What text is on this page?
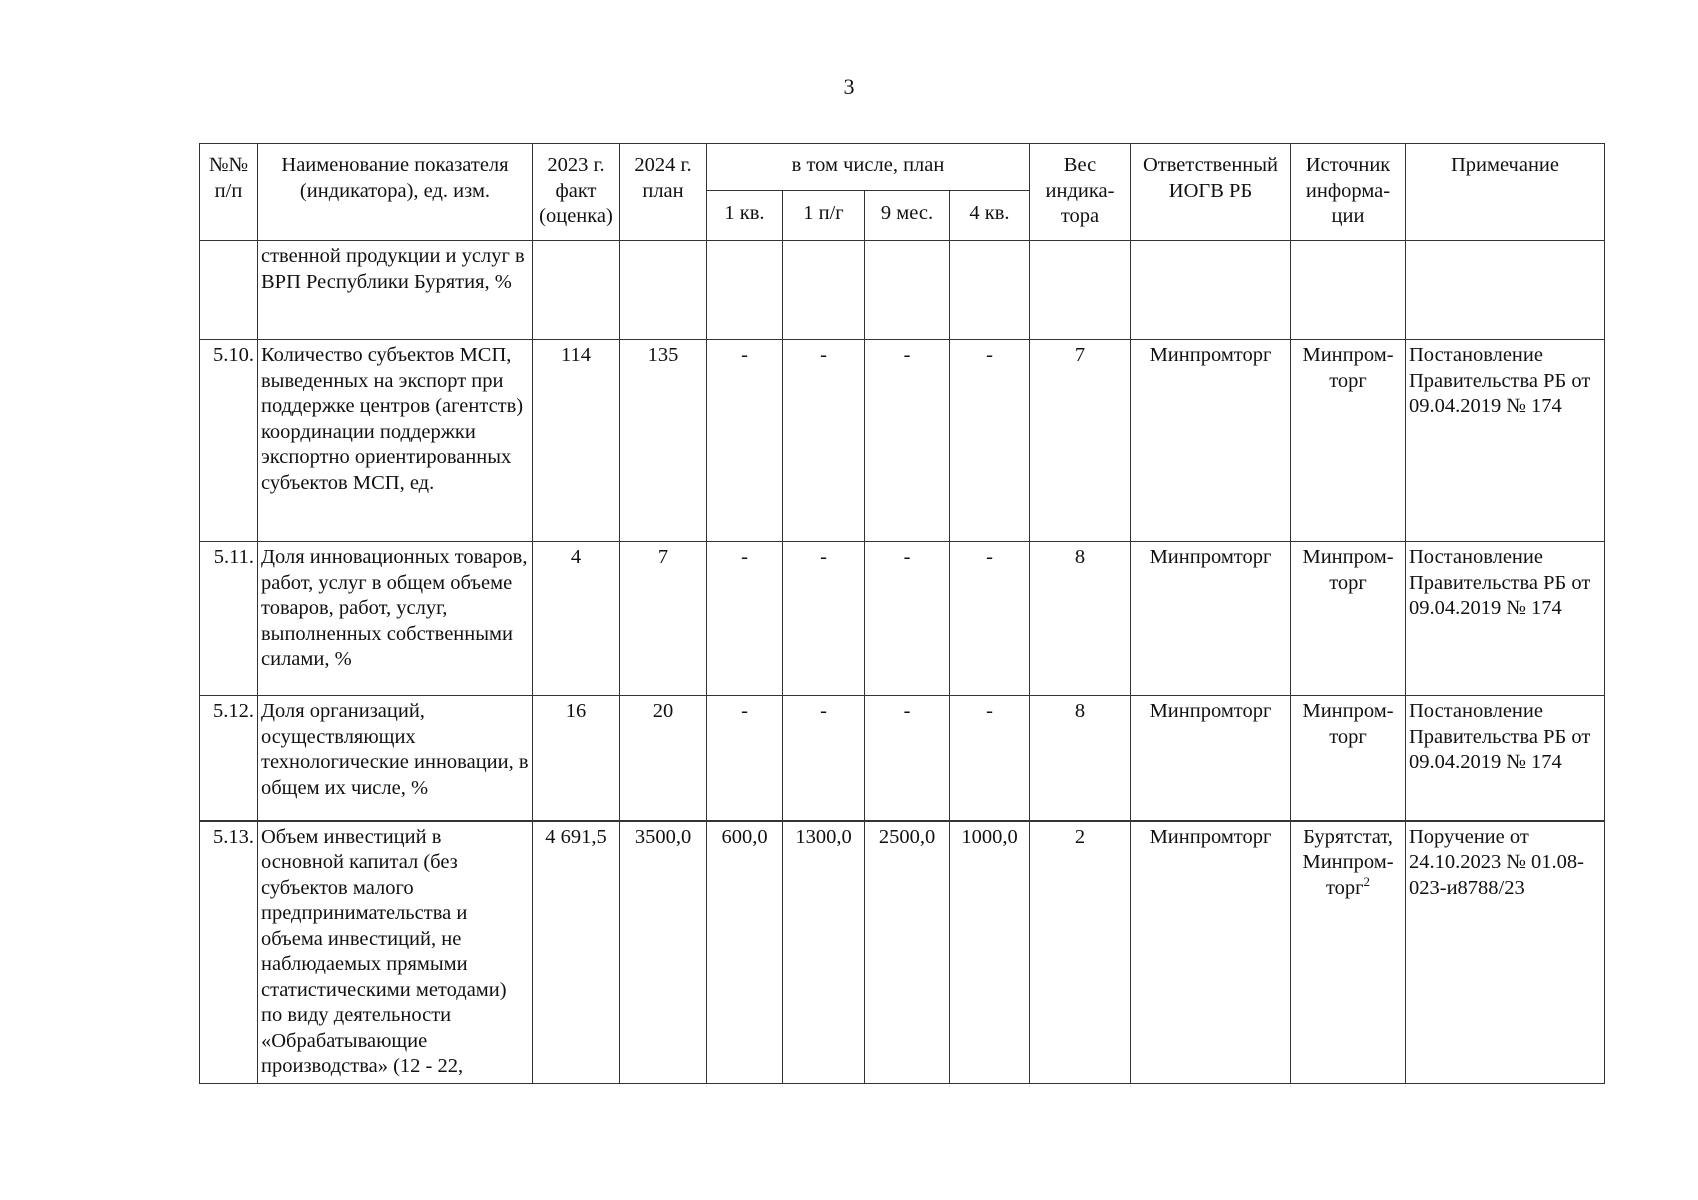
3
№№ п/п	Наименование показателя (индикатора), ед. изм.	2023 г. факт (оценка)	2024 г. план	в том числе, план				Вес индика-тора	Ответственный ИОГВ РБ	Источник информа-ции	Примечание
				1 кв.	1 п/г	9 мес.	4 кв.				
	ственной продукции и услуг в ВРП Республики Бурятия, %										
5.10.	Количество субъектов МСП, выведенных на экспорт при поддержке центров (агентств) координации поддержки экспортно ориентированных субъектов МСП, ед.	114	135	-	-	-	-	7	Минпромторг	Минпром-торг	Постановление Правительства РБ от 09.04.2019 № 174
5.11.	Доля инновационных товаров, работ, услуг в общем объеме товаров, работ, услуг, выполненных собственными силами, %	4	7	-	-	-	-	8	Минпромторг	Минпром-торг	Постановление Правительства РБ от 09.04.2019 № 174
5.12.	Доля организаций, осуществляющих технологические инновации, в общем их числе, %	16	20	-	-	-	-	8	Минпромторг	Минпром-торг	Постановление Правительства РБ от 09.04.2019 № 174
5.13.	Объем инвестиций в основной капитал (без субъектов малого предпринимательства и объема инвестиций, не наблюдаемых прямыми статистическими методами) по виду деятельности «Обрабатывающие производства» (12 - 22,	4 691,5	3500,0	600,0	1300,0	2500,0	1000,0	2	Минпромторг	Бурятстат, Минпром-торг$^2$	Поручение от 24.10.2023 № 01.08-023-и8788/23
